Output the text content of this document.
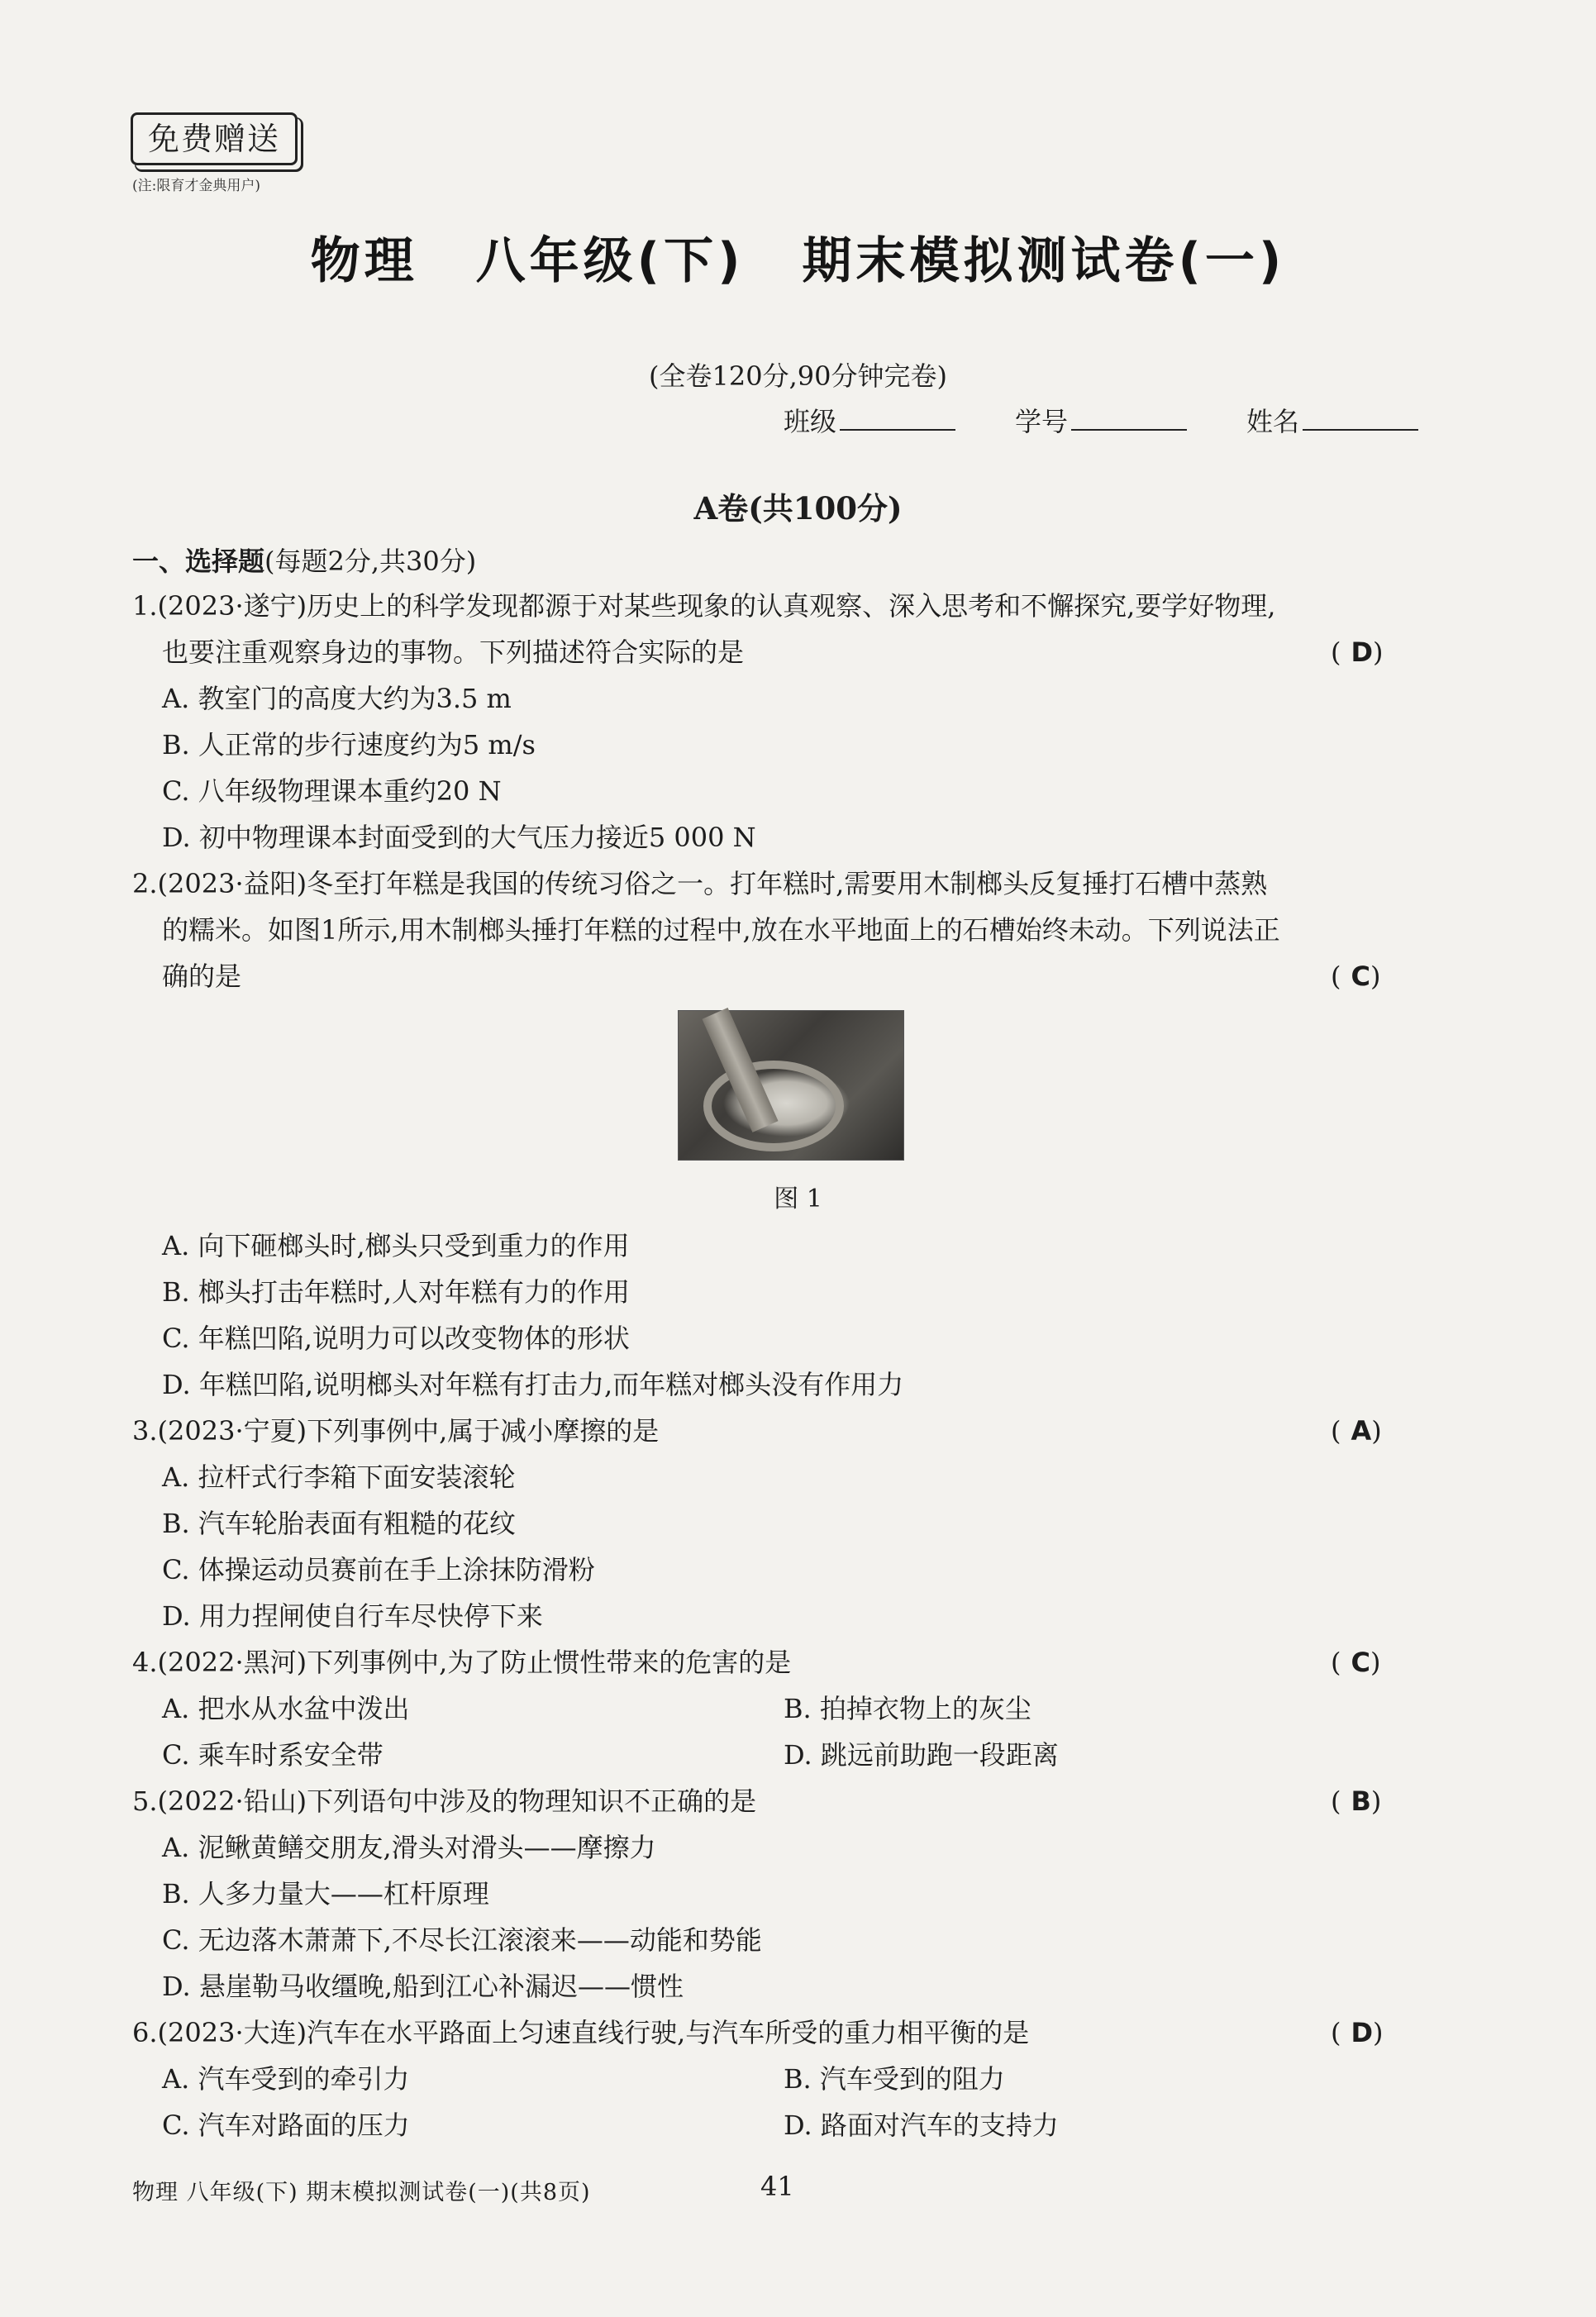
免费赠送
(注:限育才金典用户)
物理 八年级(下) 期末模拟测试卷(一)
(全卷120分,90分钟完卷)
班级	学号	姓名
A卷(共100分)
一、选择题(每题2分,共30分)
1.(2023·遂宁)历史上的科学发现都源于对某些现象的认真观察、深入思考和不懈探究,要学好物理,
也要注重观察身边的事物。下列描述符合实际的是	(D)
A. 教室门的高度大约为3.5 m
B. 人正常的步行速度约为5 m/s
C. 八年级物理课本重约20 N
D. 初中物理课本封面受到的大气压力接近5 000 N
2.(2023·益阳)冬至打年糕是我国的传统习俗之一。打年糕时,需要用木制榔头反复捶打石槽中蒸熟
的糯米。如图1所示,用木制榔头捶打年糕的过程中,放在水平地面上的石槽始终未动。下列说法正
确的是	(C)
图 1
A. 向下砸榔头时,榔头只受到重力的作用
B. 榔头打击年糕时,人对年糕有力的作用
C. 年糕凹陷,说明力可以改变物体的形状
D. 年糕凹陷,说明榔头对年糕有打击力,而年糕对榔头没有作用力
3.(2023·宁夏)下列事例中,属于减小摩擦的是	(A)
A. 拉杆式行李箱下面安装滚轮
B. 汽车轮胎表面有粗糙的花纹
C. 体操运动员赛前在手上涂抹防滑粉
D. 用力捏闸使自行车尽快停下来
4.(2022·黑河)下列事例中,为了防止惯性带来的危害的是	(C)
A. 把水从水盆中泼出	B. 拍掉衣物上的灰尘
C. 乘车时系安全带	D. 跳远前助跑一段距离
5.(2022·铅山)下列语句中涉及的物理知识不正确的是	(B)
A. 泥鳅黄鳝交朋友,滑头对滑头——摩擦力
B. 人多力量大——杠杆原理
C. 无边落木萧萧下,不尽长江滚滚来——动能和势能
D. 悬崖勒马收缰晚,船到江心补漏迟——惯性
6.(2023·大连)汽车在水平路面上匀速直线行驶,与汽车所受的重力相平衡的是	(D)
A. 汽车受到的牵引力	B. 汽车受到的阻力
C. 汽车对路面的压力	D. 路面对汽车的支持力
物理 八年级(下) 期末模拟测试卷(一)(共8页)	41
